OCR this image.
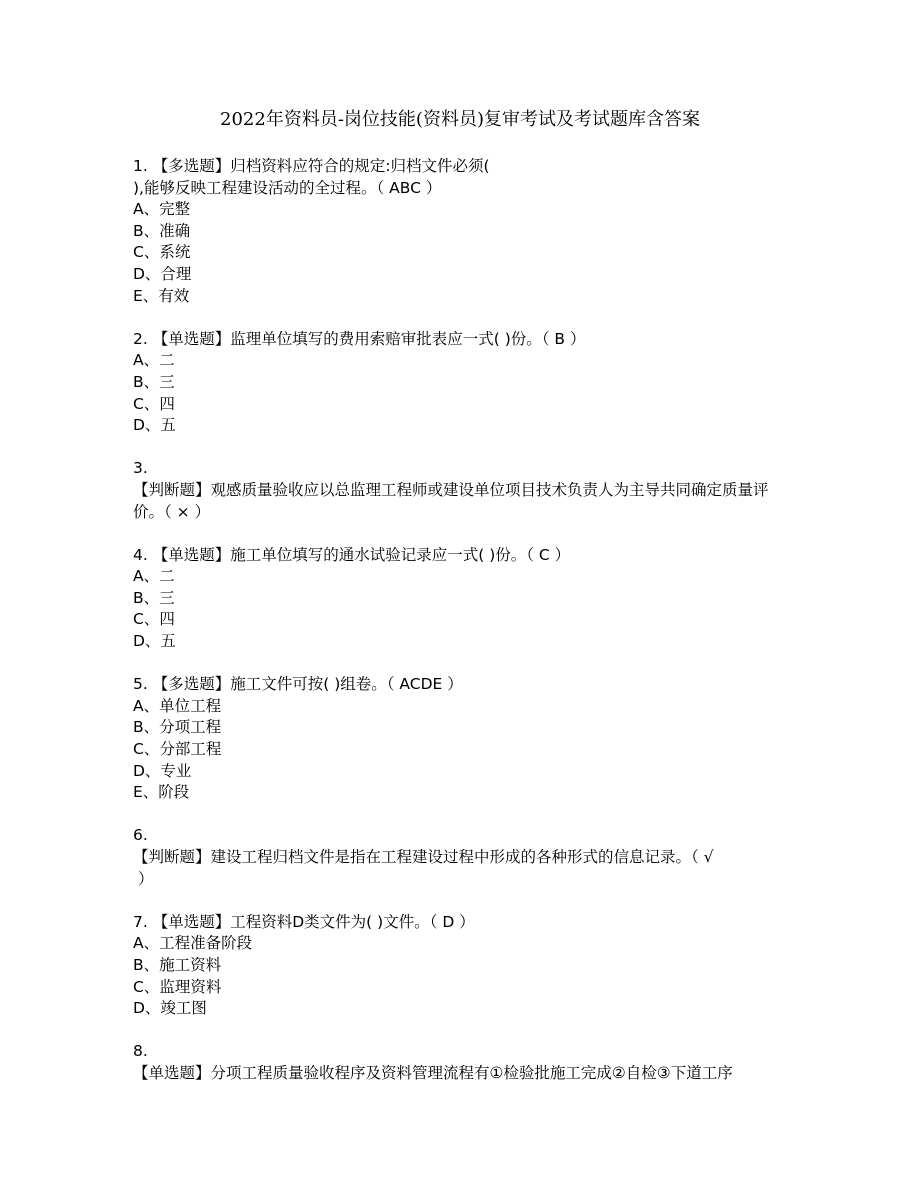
2022年资料员-岗位技能(资料员)复审考试及考试题库含答案
1. 【多选题】归档资料应符合的规定:归档文件必须(
),能够反映工程建设活动的全过程。（ ABC ）
A、完整
B、准确
C、系统
D、合理
E、有效
2. 【单选题】监理单位填写的费用索赔审批表应一式( )份。（ B ）
A、二
B、三
C、四
D、五
3.
【判断题】观感质量验收应以总监理工程师或建设单位项目技术负责人为主导共同确定质量评价。（ × ）
4. 【单选题】施工单位填写的通水试验记录应一式( )份。（ C ）
A、二
B、三
C、四
D、五
5. 【多选题】施工文件可按( )组卷。（ ACDE ）
A、单位工程
B、分项工程
C、分部工程
D、专业
E、阶段
6.
【判断题】建设工程归档文件是指在工程建设过程中形成的各种形式的信息记录。（ √
）
7. 【单选题】工程资料D类文件为( )文件。（ D ）
A、工程准备阶段
B、施工资料
C、监理资料
D、竣工图
8.
【单选题】分项工程质量验收程序及资料管理流程有①检验批施工完成②自检③下道工序
